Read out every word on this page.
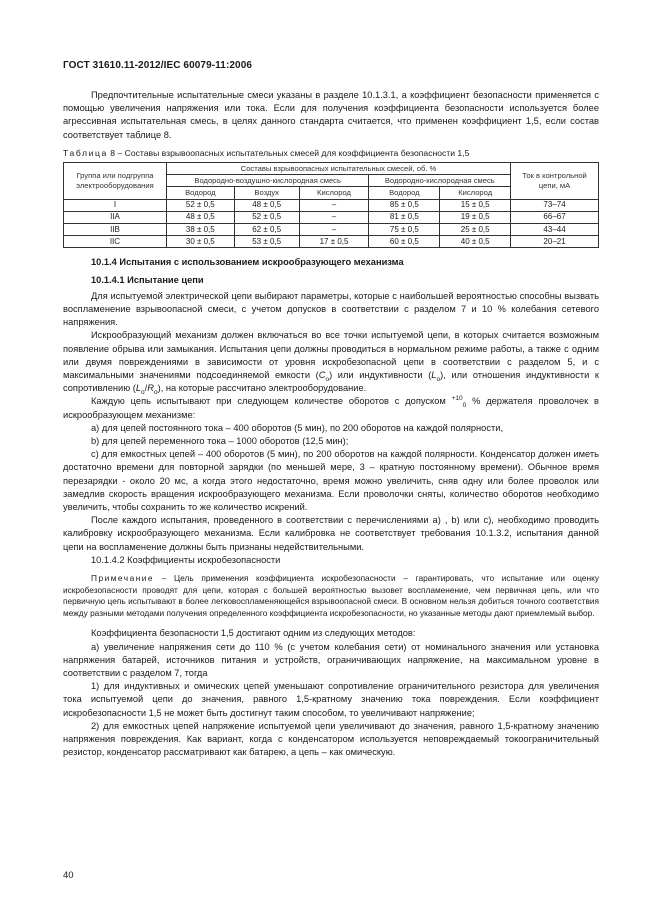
ГОСТ 31610.11-2012/IEC 60079-11:2006

Предпочтительные испытательные смеси указаны в разделе 10.1.3.1, а коэффициент безопасности применяется с помощью увеличения напряжения или тока. Если для получения коэффициента безопасности используется более агрессивная испытательная смесь, в целях данного стандарта считается, что применен коэффициент 1,5, если состав соответствует таблице 8.

Таблица 8 – Составы взрывоопасных испытательных смесей для коэффициента безопасности 1,5
Группа или подгруппа электрооборудования	Составы взрывоопасных испытательных смесей, об. %					Ток в контрольной цепи, мА
	Водородно-воздушно-кислородная смесь			Водородно-кислородная смесь		
	Водород	Воздух	Кислород	Водород	Кислород	
I	52 ± 0,5	48 ± 0,5	–	85 ± 0,5	15 ± 0,5	73–74
IIA	48 ± 0,5	52 ± 0,5	–	81 ± 0,5	19 ± 0,5	66–67
IIB	38 ± 0,5	62 ± 0,5	–	75 ± 0,5	25 ± 0,5	43–44
IIC	30 ± 0,5	53 ± 0,5	17 ± 0,5	60 ± 0,5	40 ± 0,5	20–21
10.1.4 Испытания с использованием искрообразующего механизма
10.1.4.1 Испытание цепи

Для испытуемой электрической цепи выбирают параметры, которые с наибольшей вероятностью способны вызвать воспламенение взрывоопасной смеси, с учетом допусков в соответствии с разделом 7 и 10 % колебания сетевого напряжения.

Искрообразующий механизм должен включаться во все точки испытуемой цепи, в которых считается возможным появление обрыва или замыкания. Испытания цепи должны проводиться в нормальном режиме работы, а также с одним или двумя повреждениями в зависимости от уровня искробезопасной цепи в соответствии с разделом 5, и с максимальными значениями подсоединяемой емкости $(C_o)$ или индуктивности $(L_o)$, или отношения индуктивности к сопротивлению $(L_o/R_o)$, на которые рассчитано электрооборудование.

Каждую цепь испытывают при следующем количестве оборотов с допуском $^{+10}_0$ % держателя проволочек в искрообразующем механизме:

a) для цепей постоянного тока – 400 оборотов (5 мин), по 200 оборотов на каждой полярности,

b) для цепей переменного тока – 1000 оборотов (12,5 мин);

c) для емкостных цепей – 400 оборотов (5 мин), по 200 оборотов на каждой полярности. Конденсатор должен иметь достаточно времени для повторной зарядки (по меньшей мере, 3 – кратную постоянному времени). Обычное время перезарядки - около 20 мс, а когда этого недостаточно, время можно увеличить, сняв одну или более проволок или замедлив скорость вращения искрообразующего механизма. Если проволочки сняты, количество оборотов необходимо увеличить, чтобы сохранить то же количество искрений.

После каждого испытания, проведенного в соответствии с перечислениями a) , b) или c), необходимо проводить калибровку искрообразующего механизма. Если калибровка не соответствует требования 10.1.3.2, испытания данной цепи на воспламенение должны быть признаны недействительными.

10.1.4.2 Коэффициенты искробезопасности

Примечание – Цель применения коэффициента искробезопасности – гарантировать, что испытание или оценку искробезопасности проводят для цепи, которая с большей вероятностью вызовет воспламенение, чем первичная цепь, или что первичную цепь испытывают в более легковоспламеняющейся взрывоопасной смеси. В основном нельзя добиться точного соответствия между разными методами получения определенного коэффициента искробезопасности, но указанные методы дают приемлемый выбор.

Коэффициента безопасности 1,5 достигают одним из следующих методов:

a) увеличение напряжения сети до 110 % (с учетом колебания сети) от номинального значения или установка напряжения батарей, источников питания и устройств, ограничивающих напряжение, на максимальном уровне в соответствии с разделом 7, тогда

1) для индуктивных и омических цепей уменьшают сопротивление ограничительного резистора для увеличения тока испытуемой цепи до значения, равного 1,5-кратному значению тока повреждения. Если коэффициент искробезопасности 1,5 не может быть достигнут таким способом, то увеличивают напряжение;

2) для емкостных цепей напряжение испытуемой цепи увеличивают до значения, равного 1,5-кратному значению напряжения повреждения. Как вариант, когда с конденсатором используется неповреждаемый токоограничительный резистор, конденсатор рассматривают как батарею, а цепь – как омическую.

40
